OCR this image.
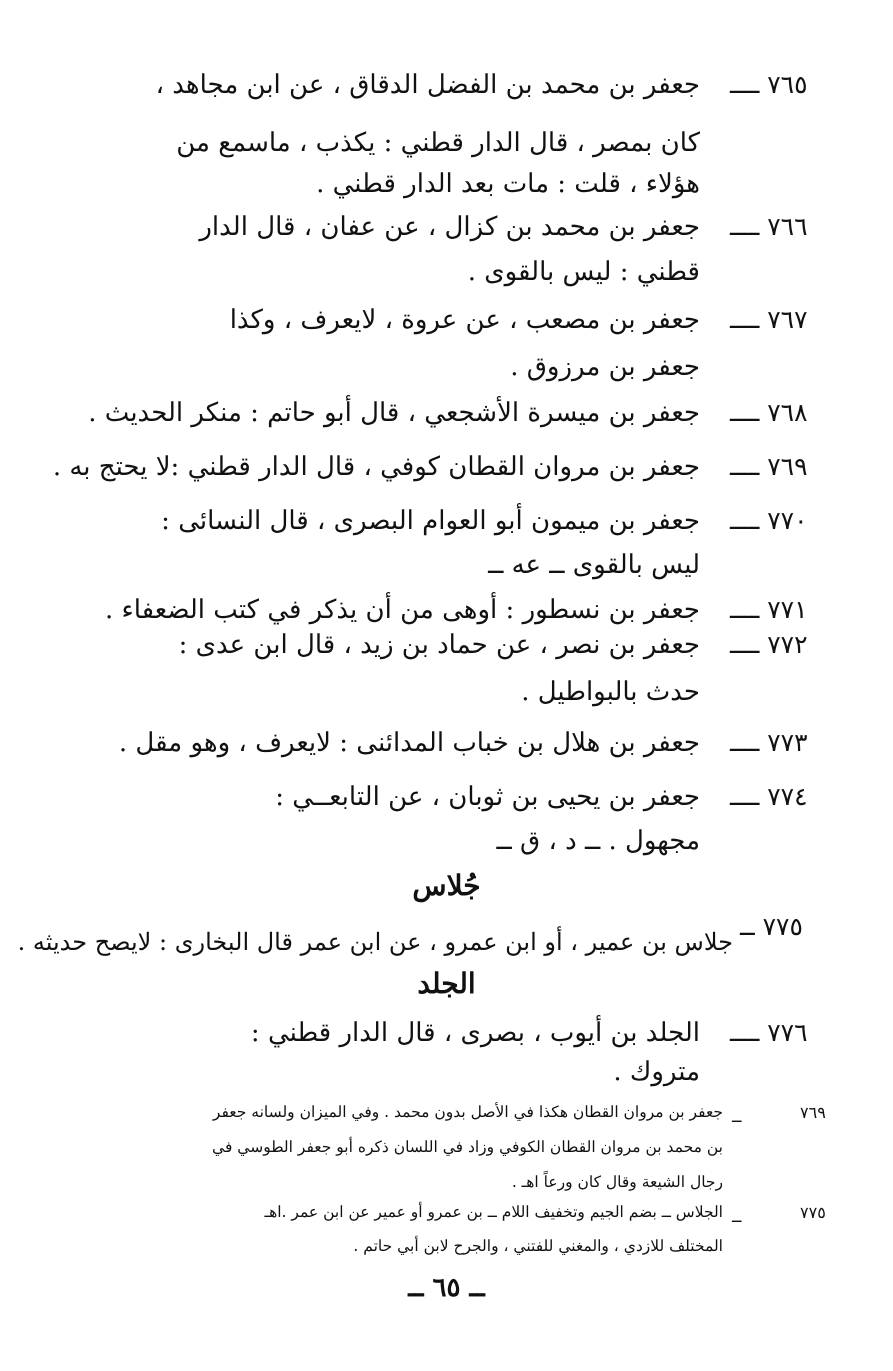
٧٦٥ ــــ
جعفر بن محمد بن الفضل الدقاق ، عن ابن مجاهد ،
كان بمصر ، قال الدار قطني : يكذب ، ماسمع من
هؤلاء ، قلت : مات بعد الدار قطني .
٧٦٦ ــــ
جعفر بن محمد بن كزال ، عن عفان ، قال الدار
قطني : ليس بالقوى .
٧٦٧ ــــ
جعفر بن مصعب ، عن عروة ، لايعرف ، وكذا
جعفر بن مرزوق .
٧٦٨ ــــ
جعفر بن ميسرة الأشجعي ، قال أبو حاتم : منكر الحديث .
٧٦٩ ــــ
جعفر بن مروان القطان كوفي ، قال الدار قطني :لا يحتج به .
٧٧٠ ــــ
جعفر بن ميمون أبو العوام البصرى ، قال النسائى :
ليس بالقوى ــ عه ــ
٧٧١ ــــ
جعفر بن نسطور : أوهى من أن يذكر في كتب الضعفاء .
٧٧٢ ــــ
جعفر بن نصر ، عن حماد بن زيد ، قال ابن عدى :
حدث بالبواطيل .
٧٧٣ ــــ
جعفر بن هلال بن خباب المدائنى : لايعرف ، وهو مقل .
٧٧٤ ــــ
جعفر بن يحيى بن ثوبان ، عن التابعــي :
مجهول . ــ د ، ق ــ
جُلاس
٧٧٥ ــ
جلاس بن عمير ، أو ابن عمرو ، عن ابن عمر قال البخارى : لايصح حديثه .
الجلد
٧٧٦ ــــ
الجلد بن أيوب ، بصرى ، قال الدار قطني :
متروك .
٧٦٩
ــ
جعفر بن مروان القطان هكذا في الأصل بدون محمد . وفي الميزان ولسانه جعفر
بن محمد بن مروان القطان الكوفي وزاد في اللسان ذكره أبو جعفر الطوسي في
رجال الشيعة وقال كان ورعاً اهـ .
٧٧٥
ــ
الجلاس ــ بضم الجيم وتخفيف اللام ــ بن عمرو أو عمير عن ابن عمر .اهـ
المختلف للازدي ، والمغني للفتني ، والجرح لابن أبي حاتم .
ــ ٦٥ ــ
